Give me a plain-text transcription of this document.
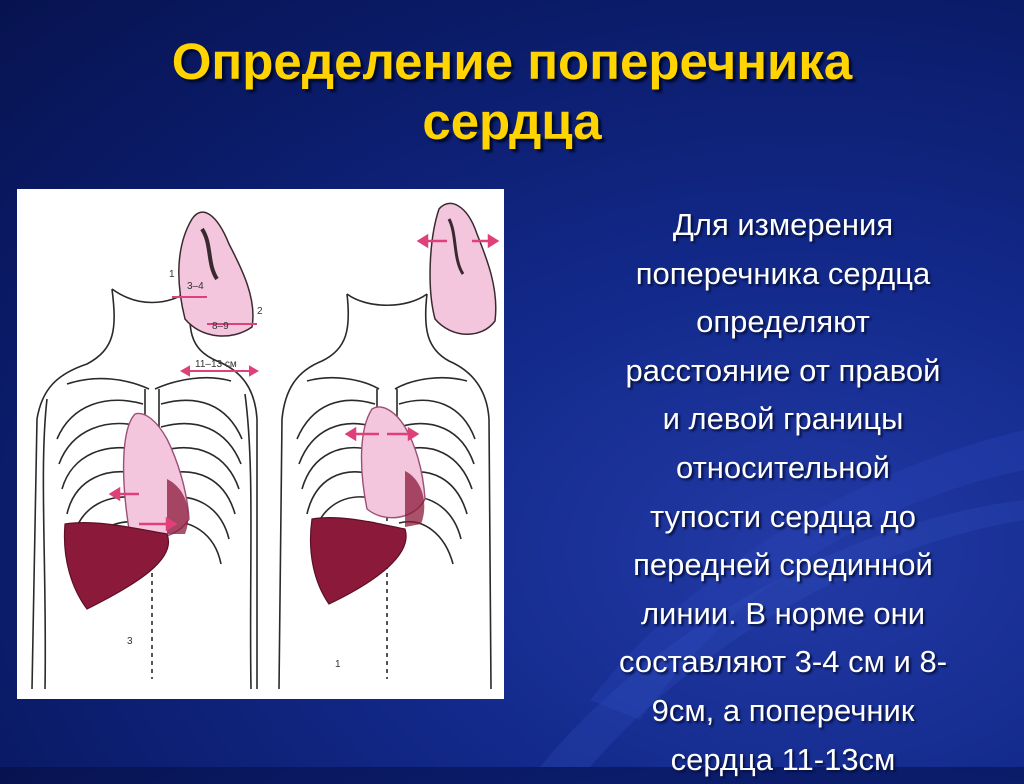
Определение поперечника
сердца
1
2
3
3–4
8–9
11–13 см
1
Для измерения
поперечника сердца
определяют
расстояние от правой
и левой границы
относительной
тупости сердца до
передней срединной
линии. В норме они
составляют 3-4 см и 8-
9см, а поперечник
сердца 11-13см
